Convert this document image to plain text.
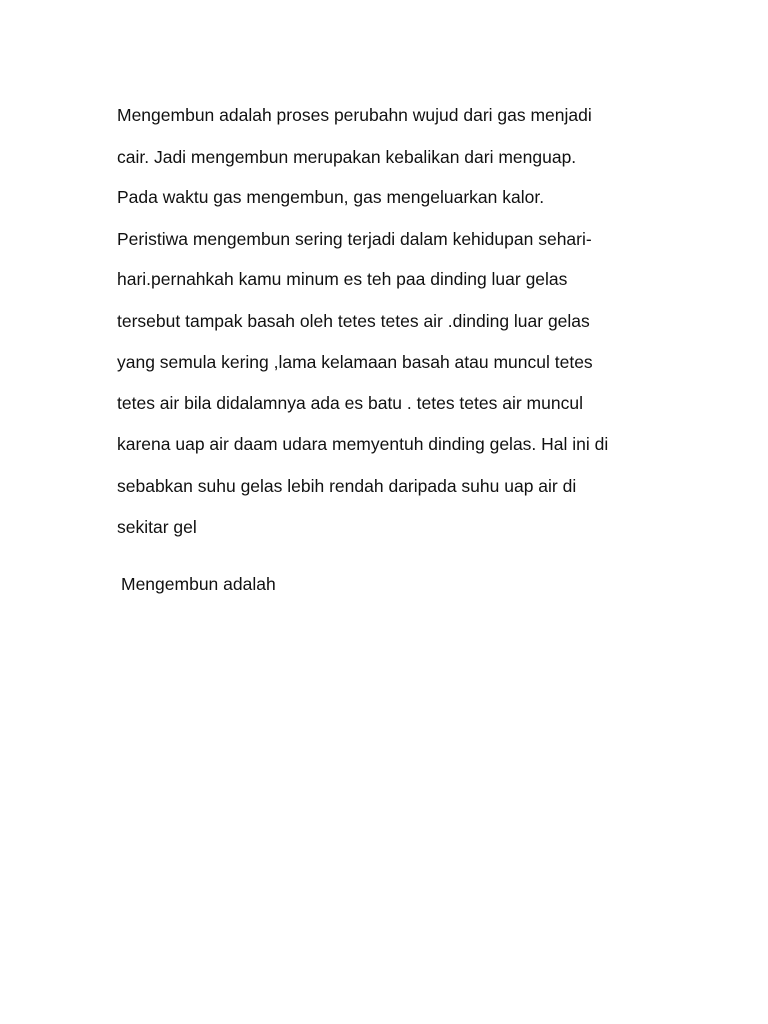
Mengembun adalah proses perubahn wujud dari gas menjadi

cair. Jadi mengembun merupakan kebalikan dari menguap.

Pada waktu gas mengembun, gas mengeluarkan kalor.

Peristiwa mengembun sering terjadi dalam kehidupan sehari-

hari.pernahkah kamu minum es teh paa dinding luar gelas

tersebut tampak basah oleh tetes tetes air .dinding luar gelas

yang semula kering ,lama kelamaan basah atau muncul tetes

tetes air bila didalamnya ada es batu . tetes tetes air muncul

karena uap air daam udara memyentuh dinding gelas. Hal ini di

sebabkan suhu gelas lebih rendah daripada suhu uap air di

sekitar gel

Mengembun adalah
